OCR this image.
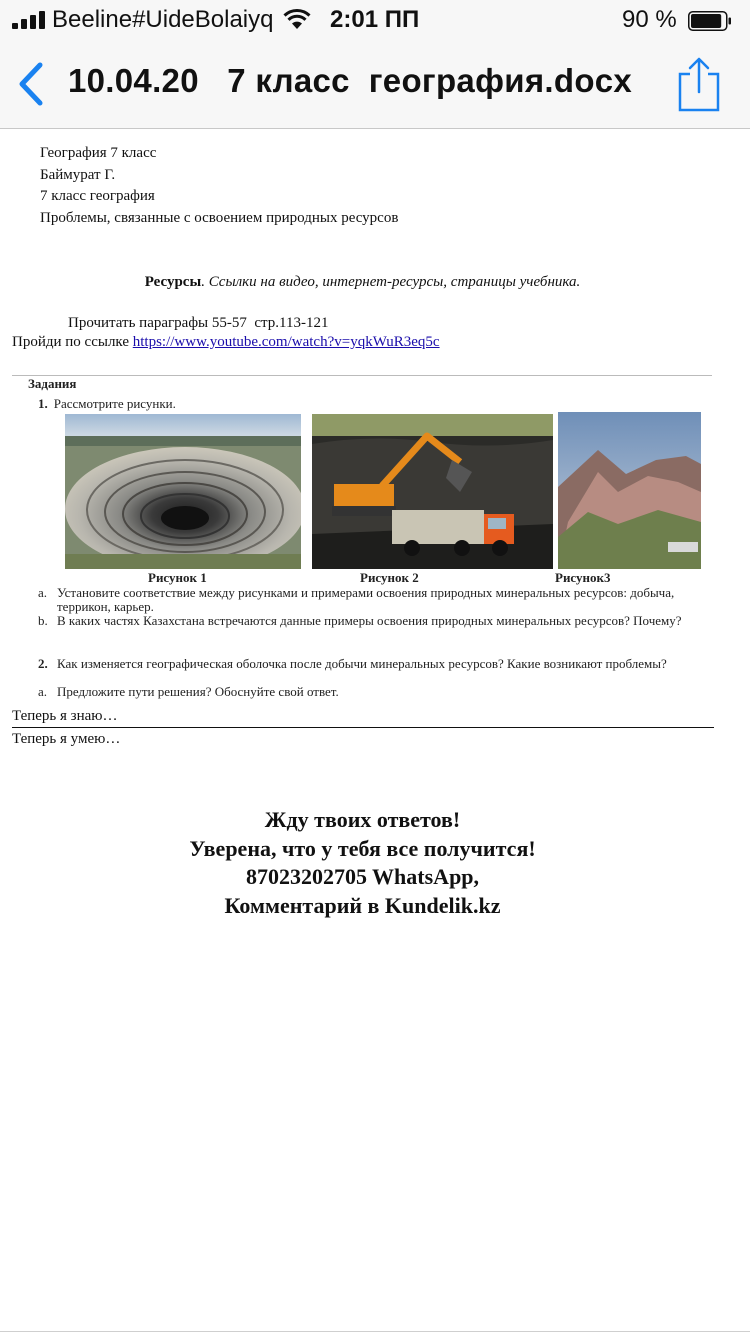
Beeline#UideBolaiyq 2:01 ПП	90 %
10.04.20   7 класс  география.docx
География 7 класс
Баймурат Г.
7 класс география
Проблемы, связанные с освоением природных ресурсов
Ресурсы. Ссылки на видео, интернет-ресурсы, страницы учебника.
Прочитать параграфы 55-57  стр.113-121
Пройди по ссылке https://www.youtube.com/watch?v=yqkWuR3eq5c
Задания
1. Рассмотрите рисунки.
Рисунок 1	Рисунок 2	Рисунок3
a. Установите соответствие между рисунками и примерами освоения природных минеральных ресурсов: добыча, террикон, карьер.
b. В каких частях Казахстана встречаются данные примеры освоения природных минеральных ресурсов? Почему?
2. Как изменяется географическая оболочка после добычи минеральных ресурсов? Какие возникают проблемы?
a. Предложите пути решения? Обоснуйте свой ответ.
Теперь я знаю…
Теперь я умею…
Жду твоих ответов!
Уверена, что у тебя все получится!
87023202705 WhatsApp,
Комментарий в Kundelik.kz
